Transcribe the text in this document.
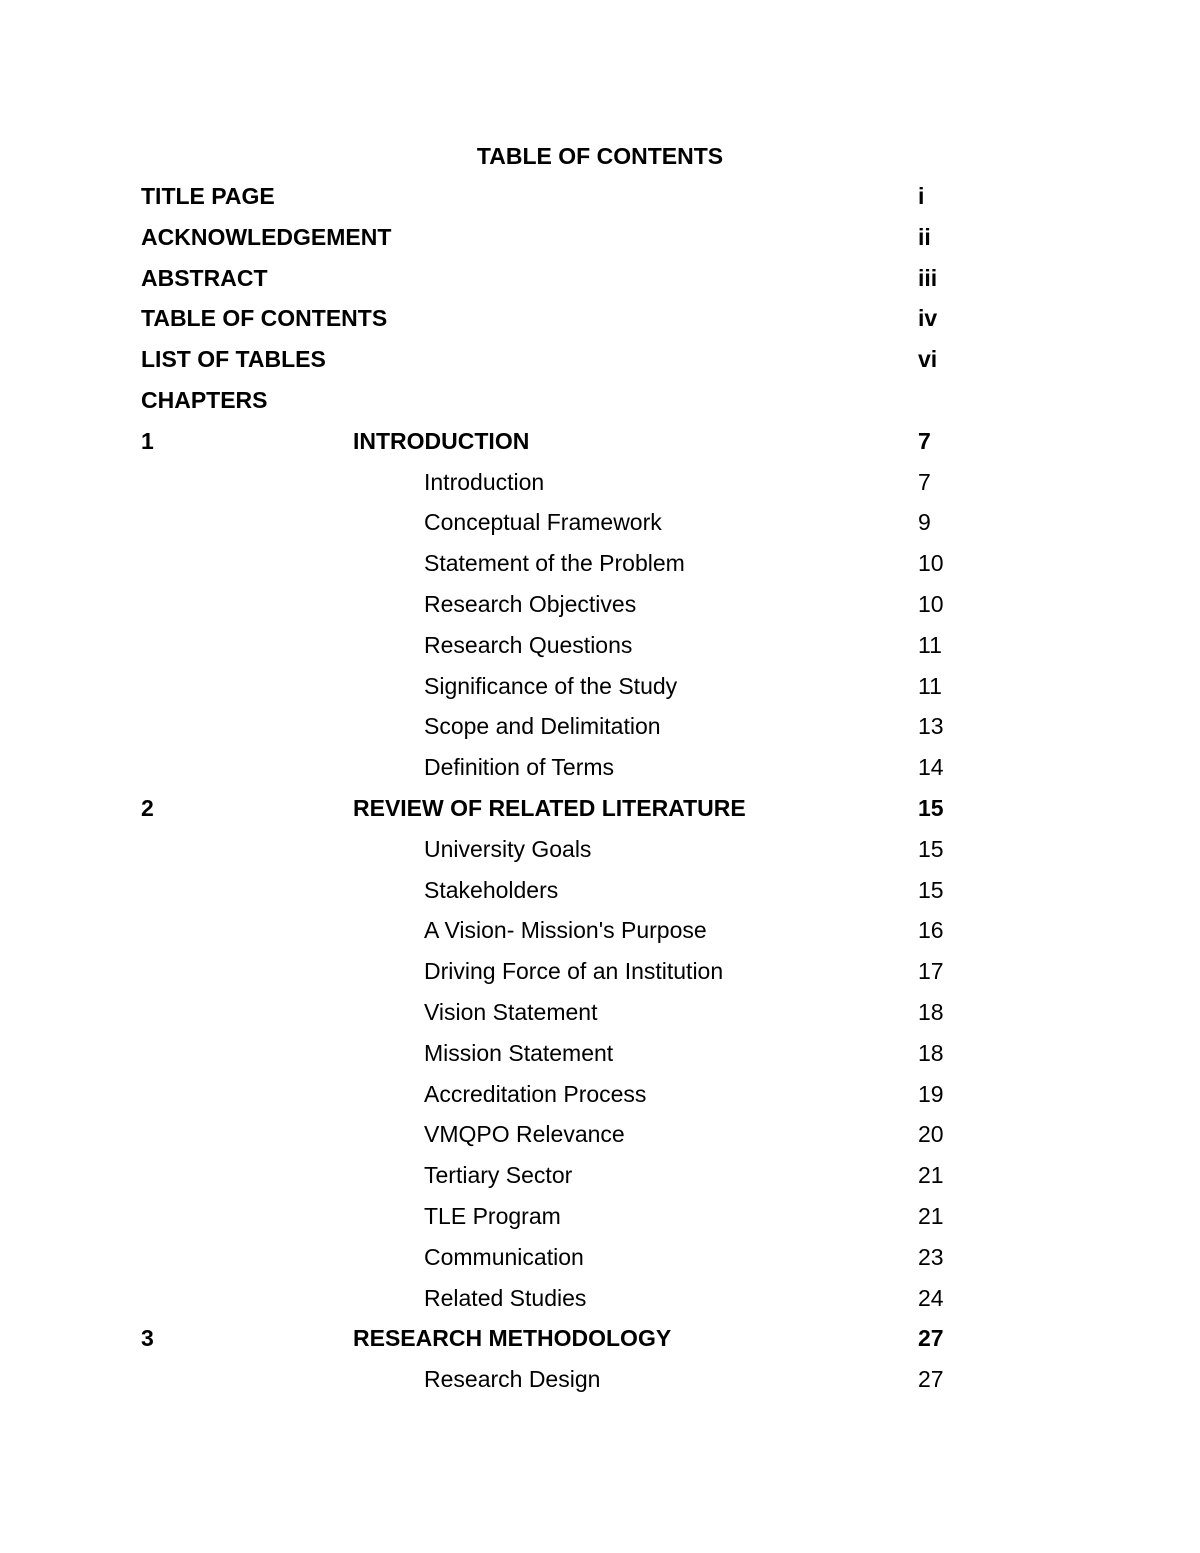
TABLE OF CONTENTS
TITLE PAGE	i
ACKNOWLEDGEMENT	ii
ABSTRACT	iii
TABLE OF CONTENTS	iv
LIST OF TABLES	vi
CHAPTERS
1	INTRODUCTION	7
Introduction	7
Conceptual Framework	9
Statement of the Problem	10
Research Objectives	10
Research Questions	11
Significance of the Study	11
Scope and Delimitation	13
Definition of Terms	14
2	REVIEW OF RELATED LITERATURE	15
University Goals	15
Stakeholders	15
A Vision- Mission's Purpose	16
Driving Force of an Institution	17
Vision Statement	18
Mission Statement	18
Accreditation Process	19
VMQPO Relevance	20
Tertiary Sector	21
TLE Program	21
Communication	23
Related Studies	24
3	RESEARCH METHODOLOGY	27
Research Design	27
